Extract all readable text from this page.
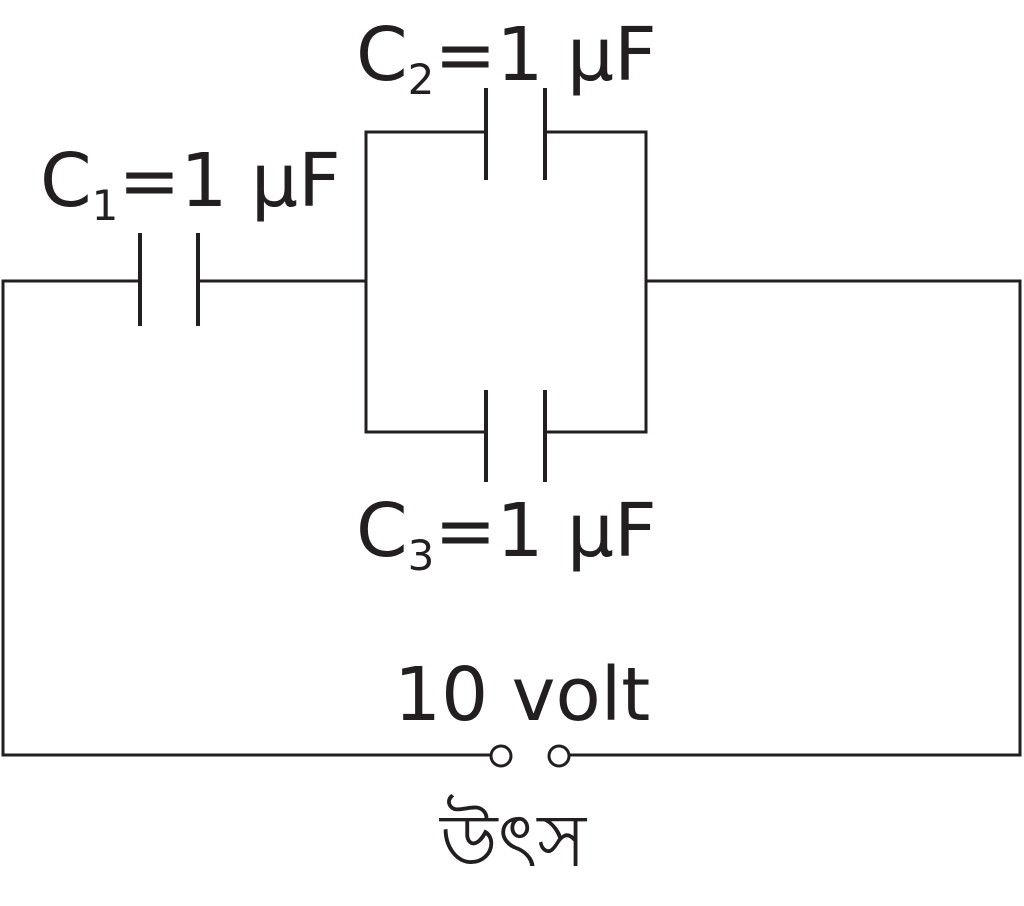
C1=1 μF
C2=1 μF
C3=1 μF
10 volt
উৎস
